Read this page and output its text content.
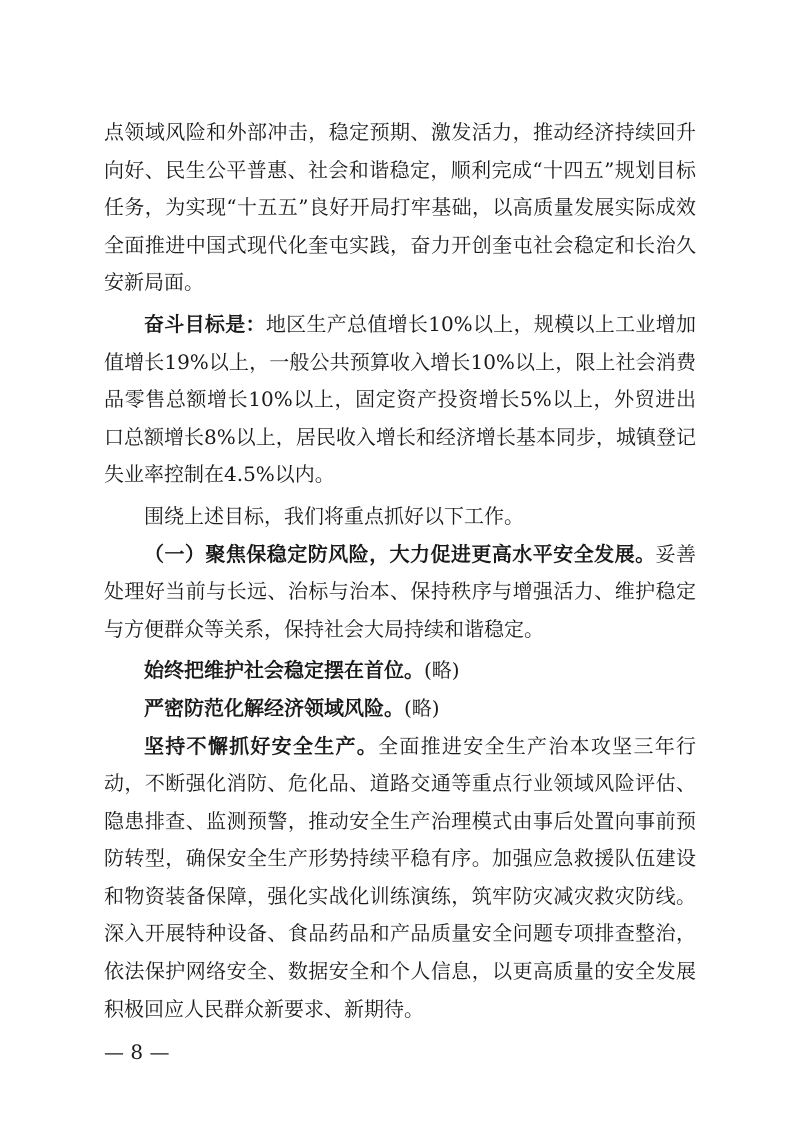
点领域风险和外部冲击，稳定预期、激发活力，推动经济持续回升向好、民生公平普惠、社会和谐稳定，顺利完成“十四五”规划目标任务，为实现“十五五”良好开局打牢基础，以高质量发展实际成效全面推进中国式现代化奎屯实践，奋力开创奎屯社会稳定和长治久安新局面。

奋斗目标是：地区生产总值增长10%以上，规模以上工业增加值增长19%以上，一般公共预算收入增长10%以上，限上社会消费品零售总额增长10%以上，固定资产投资增长5%以上，外贸进出口总额增长8%以上，居民收入增长和经济增长基本同步，城镇登记失业率控制在4.5%以内。

围绕上述目标，我们将重点抓好以下工作。

（一）聚焦保稳定防风险，大力促进更高水平安全发展。妥善处理好当前与长远、治标与治本、保持秩序与增强活力、维护稳定与方便群众等关系，保持社会大局持续和谐稳定。

始终把维护社会稳定摆在首位。(略)

严密防范化解经济领域风险。(略)

坚持不懈抓好安全生产。全面推进安全生产治本攻坚三年行动，不断强化消防、危化品、道路交通等重点行业领域风险评估、隐患排查、监测预警，推动安全生产治理模式由事后处置向事前预防转型，确保安全生产形势持续平稳有序。加强应急救援队伍建设和物资装备保障，强化实战化训练演练，筑牢防灾减灾救灾防线。深入开展特种设备、食品药品和产品质量安全问题专项排查整治，依法保护网络安全、数据安全和个人信息，以更高质量的安全发展积极回应人民群众新要求、新期待。

— 8 —
